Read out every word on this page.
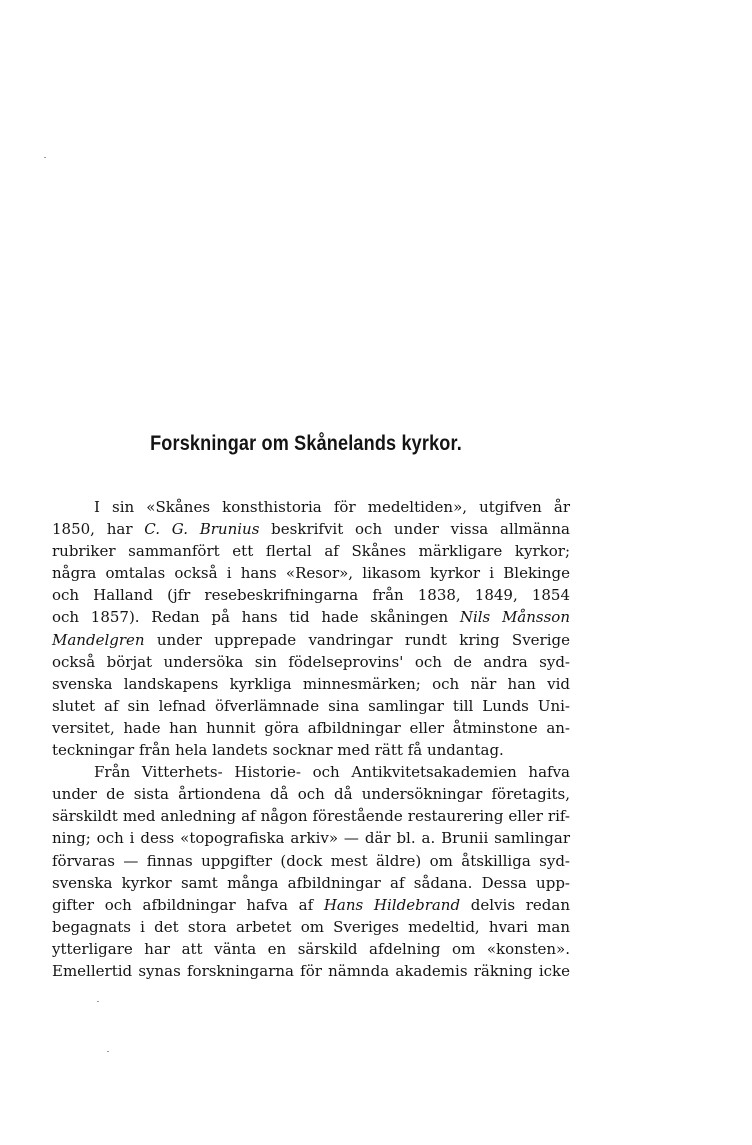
Forskningar om Skånelands kyrkor.
I sin «Skånes konsthistoria för medeltiden», utgifven år
1850, har C. G. Brunius beskrifvit och under vissa allmänna
rubriker sammanfört ett flertal af Skånes märkligare kyrkor;
några omtalas också i hans «Resor», likasom kyrkor i Blekinge
och Halland (jfr resebeskrifningarna från 1838, 1849, 1854
och 1857). Redan på hans tid hade skåningen Nils Månsson
Mandelgren under upprepade vandringar rundt kring Sverige
också börjat undersöka sin födelseprovins' och de andra syd-
svenska landskapens kyrkliga minnesmärken; och när han vid
slutet af sin lefnad öfverlämnade sina samlingar till Lunds Uni-
versitet, hade han hunnit göra afbildningar eller åtminstone an-
teckningar från hela landets socknar med rätt få undantag.
Från Vitterhets- Historie- och Antikvitetsakademien hafva
under de sista årtiondena då och då undersökningar företagits,
särskildt med anledning af någon förestående restaurering eller rif-
ning; och i dess «topografiska arkiv» — där bl. a. Brunii samlingar
förvaras — finnas uppgifter (dock mest äldre) om åtskilliga syd-
svenska kyrkor samt många afbildningar af sådana. Dessa upp-
gifter och afbildningar hafva af Hans Hildebrand delvis redan
begagnats i det stora arbetet om Sveriges medeltid, hvari man
ytterligare har att vänta en särskild afdelning om «konsten».
Emellertid synas forskningarna för nämnda akademis räkning icke
